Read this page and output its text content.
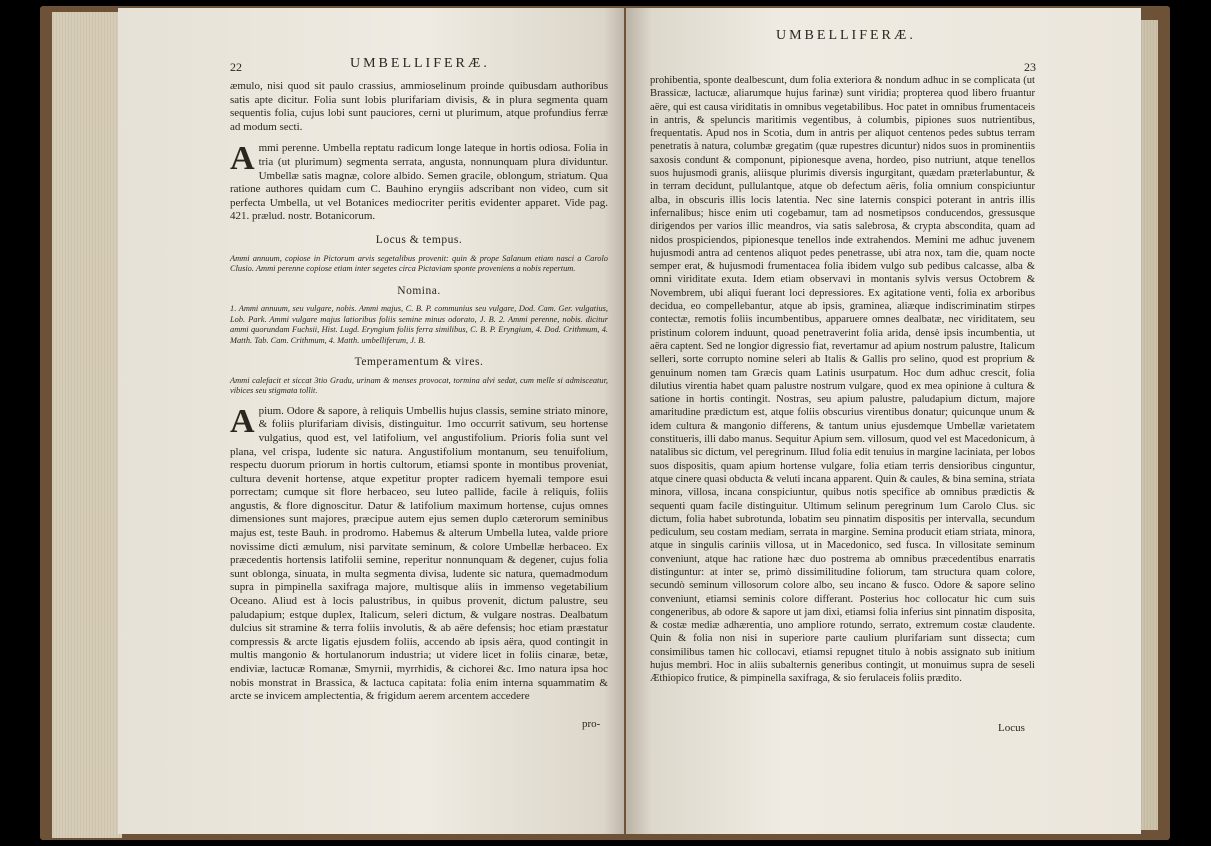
22	UMBELLIFERÆ.

æmulo, nisi quod sit paulo crassius, ammioselinum proinde quibusdam authoribus satis apte dicitur. Folia sunt lobis plurifariam divisis, & in plura segmenta quam sequentis folia, cujus lobi sunt pauciores, cerni ut plurimum, atque profundius ferræ ad modum secti.

Ammi perenne. Umbella reptatu radicum longe lateque in hortis odiosa. Folia in tria (ut plurimum) segmenta serrata, angusta, nonnunquam plura dividuntur. Umbellæ satis magnæ, colore albido. Semen gracile, oblongum, striatum. Qua ratione authores quidam cum C. Bauhino eryngiis adscribant non video, cum sit perfecta Umbella, ut vel Botanices mediocriter peritis evidenter apparet. Vide pag. 421. prælud. nostr. Botanicorum.

Locus & tempus.

Ammi annuum, copiose in Pictorum arvis segetalibus provenit: quin & prope Salanum etiam nasci a Carolo Clusio. Ammi perenne copiose etiam inter segetes circa Pictaviam sponte proveniens a nobis repertum.

Nomina.

1. Ammi annuum, seu vulgare, nobis. Ammi majus, C. B. P. communius seu vulgare, Dod. Cam. Ger. vulgatius, Lob. Park. Ammi vulgare majus latioribus foliis semine minus odorato, J. B. 2. Ammi perenne, nobis. dicitur ammi quorundam Fuchsii, Hist. Lugd. Eryngium foliis ferra similibus, C. B. P. Eryngium, 4. Dod. Crithmum, 4. Matth. Tab. Cam. Crithmum, 4. Matth. umbelliferum, J. B.

Temperamentum & vires.

Ammi calefacit et siccat 3tio Gradu, urinam & menses provocat, tormina alvi sedat, cum melle si admisceatur, vibices seu stigmata tollit.

Apium. Odore & sapore, à reliquis Umbellis hujus classis, semine striato minore, & foliis plurifariam divisis, distinguitur. 1mo occurrit sativum, seu hortense vulgatius, quod est, vel latifolium, vel angustifolium. Prioris folia sunt vel plana, vel crispa, ludente sic natura. Angustifolium montanum, seu tenuifolium, respectu duorum priorum in hortis cultorum, etiamsi sponte in montibus proveniat, cultura devenit hortense, atque expetitur propter radicem hyemali tempore esui porrectam; cumque sit flore herbaceo, seu luteo pallide, facile à reliquis, foliis angustis, & flore dignoscitur. Datur & latifolium maximum hortense, cujus omnes dimensiones sunt majores, præcipue autem ejus semen duplo cæterorum seminibus majus est, teste Bauh. in prodromo. Habemus & alterum Umbella lutea, valde priore novissime dicti æmulum, nisi parvitate seminum, & colore Umbellæ herbaceo. Ex præcedentis hortensis latifolii semine, reperitur nonnunquam & degener, cujus folia sunt oblonga, sinuata, in multa segmenta divisa, ludente sic natura, quemadmodum supra in pimpinella saxifraga majore, multisque aliis in immenso vegetabilium Oceano. Aliud est à locis palustribus, in quibus provenit, dictum palustre, seu paludapium; estque duplex, Italicum, seleri dictum, & vulgare nostras. Dealbatum dulcius sit stramine & terra foliis involutis, & ab aëre defensis; hoc etiam præstatur compressis & arcte ligatis ejusdem foliis, accendo ab ipsis aëra, quod contingit in multis mangonio & hortulanorum industria; ut videre licet in foliis cinaræ, betæ, endiviæ, lactucæ Romanæ, Smyrnii, myrrhidis, & cichorei &c. Imo natura ipsa hoc nobis monstrat in Brassica, & lactuca capitata: folia enim interna squammatim & arcte se invicem amplectentia, & frigidum aerem arcentem accedere

pro-
UMBELLIFERÆ.
23

prohibentia, sponte dealbescunt, dum folia exteriora & nondum adhuc in se complicata (ut Brassicæ, lactucæ, aliarumque hujus farinæ) sunt viridia; propterea quod libero fruantur aëre, qui est causa viriditatis in omnibus vegetabilibus. Hoc patet in omnibus frumentaceis in antris, & speluncis maritimis vegentibus, à columbis, pipiones suos nutrientibus, frequentatis. Apud nos in Scotia, dum in antris per aliquot centenos pedes subtus terram penetratis à natura, columbæ gregatim (quæ rupestres dicuntur) nidos suos in prominentiis saxosis condunt & componunt, pipionesque avena, hordeo, piso nutriunt, atque tenellos suos hujusmodi granis, aliisque plurimis diversis ingurgitant, quædam præterlabuntur, & in terram decidunt, pullulantque, atque ob defectum aëris, folia omnium conspiciuntur alba, in obscuris illis locis latentia. Nec sine laternis conspici poterant in antris illis infernalibus; hisce enim uti cogebamur, tam ad nosmetipsos conducendos, gressusque dirigendos per varios illic meandros, via satis salebrosa, & crypta abscondita, quam ad nidos prospiciendos, pipionesque tenellos inde extrahendos. Memini me adhuc juvenem hujusmodi antra ad centenos aliquot pedes penetrasse, ubi atra nox, tam die, quam nocte semper erat, & hujusmodi frumentacea folia ibidem vulgo sub pedibus calcasse, alba & omni viriditate exuta. Idem etiam observavi in montanis sylvis versus Octobrem & Novembrem, ubi aliqui fuerant loci depressiores. Ex agitatione venti, folia ex arboribus decidua, eo compellebantur, atque ab ipsis, graminea, aliæque indiscriminatim stirpes contectæ, remotis foliis incumbentibus, apparuere omnes dealbatæ, nec viriditatem, seu pristinum colorem induunt, quoad penetraverint folia arida, densè ipsis incumbentia, ut aëra captent. Sed ne longior digressio fiat, revertamur ad apium nostrum palustre, Italicum selleri, sorte corrupto nomine seleri ab Italis & Gallis pro selino, quod est proprium & genuinum nomen tam Græcis quam Latinis usurpatum. Hoc dum adhuc crescit, folia dilutius virentia habet quam palustre nostrum vulgare, quod ex mea opinione à cultura & satione in hortis contingit. Nostras, seu apium palustre, paludapium dictum, majore amaritudine prædictum est, atque foliis obscurius virentibus donatur; quicunque unum & idem cultura & mangonio differens, & tantum unius ejusdemque Umbellæ varietatem constitueris, illi dabo manus. Sequitur Apium sem. villosum, quod vel est Macedonicum, à natalibus sic dictum, vel peregrinum. Illud folia edit tenuius in margine laciniata, per lobos suos dispositis, quam apium hortense vulgare, folia etiam terris densioribus cinguntur, atque cinere quasi obducta & veluti incana apparent. Quin & caules, & bina semina, striata minora, villosa, incana conspiciuntur, quibus notis specifice ab omnibus prædictis & sequenti quam facile distinguitur. Ultimum selinum peregrinum 1um Carolo Clus. sic dictum, folia habet subrotunda, lobatim seu pinnatim dispositis per intervalla, secundum pediculum, seu costam mediam, serrata in margine. Semina producit etiam striata, minora, atque in singulis cariniis villosa, ut in Macedonico, sed fusca. In villositate seminum conveniunt, atque hac ratione hæc duo postrema ab omnibus præcedentibus enarratis distinguntur: at inter se, primò dissimilitudine foliorum, tam structura quam colore, secundò seminum villosorum colore albo, seu incano & fusco. Odore & sapore selino conveniunt, etiamsi seminis colore differant. Posterius hoc collocatur hic cum suis congeneribus, ab odore & sapore ut jam dixi, etiamsi folia inferius sint pinnatim disposita, & costæ mediæ adhærentia, uno ampliore rotundo, serrato, extremum costæ claudente. Quin & folia non nisi in superiore parte caulium plurifariam sunt dissecta; cum consimilibus tamen hic collocavi, etiamsi repugnet titulo à nobis assignato sub initium hujus membri. Hoc in aliis subalternis generibus contingit, ut monuimus supra de seseli Æthiopico frutice, & pimpinella saxifraga, & sio ferulaceis foliis prædito.

Locus
